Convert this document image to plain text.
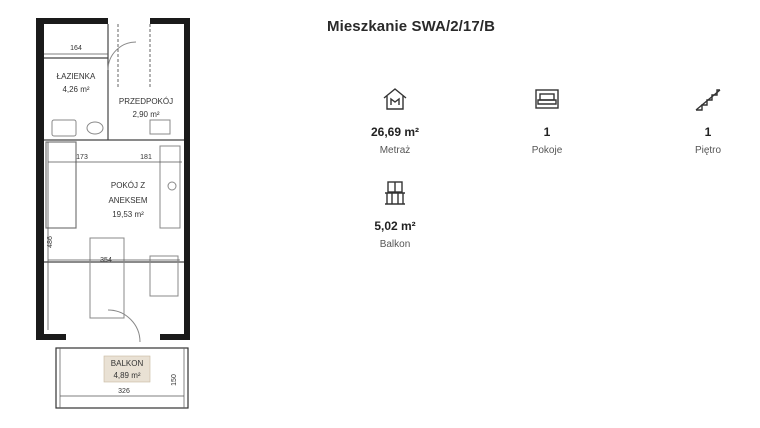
ŁAZIENKA
4,26 m²
PRZEDPOKÓJ
2,90 m²
POKÓJ Z
ANEKSEM
19,53 m²
164
173	181
354
326
486
150
BALKON
4,89 m²
Mieszkanie SWA/2/17/B
26,69 m²
Metraż
1
Pokoje
1
Piętro
5,02 m²
Balkon
